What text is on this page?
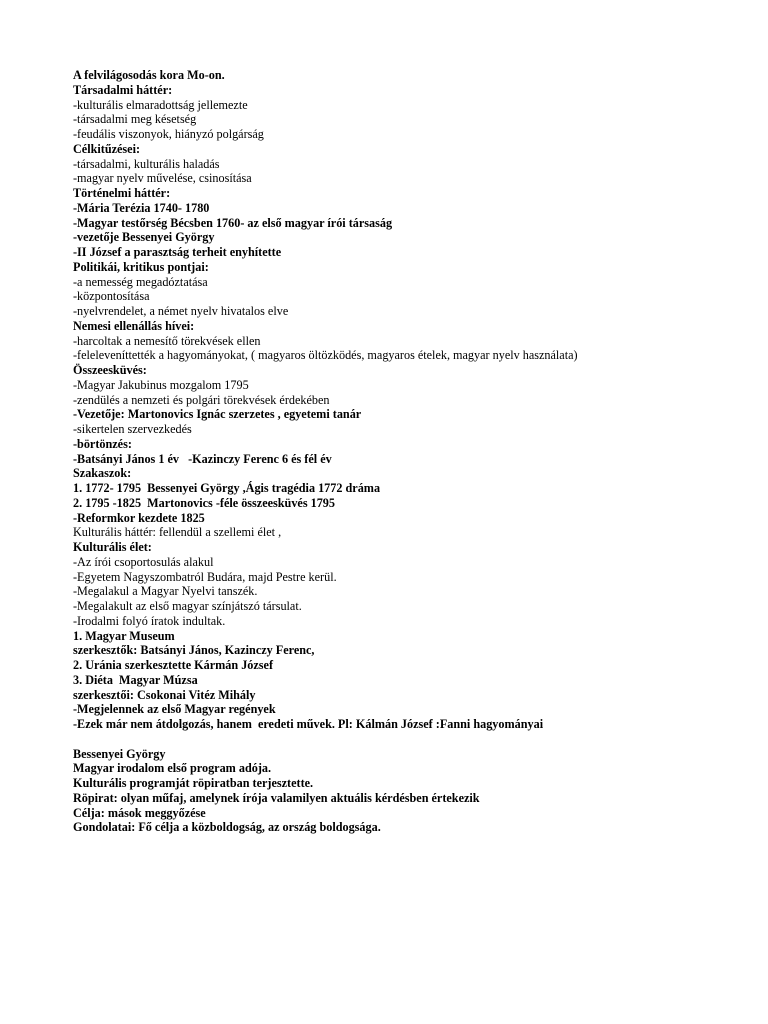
A felvilágosodás kora Mo-on.
Társadalmi háttér:
-kulturális elmaradottság jellemezte
-társadalmi meg késetség
-feudális viszonyok, hiányzó polgárság
Célkitűzései:
-társadalmi, kulturális haladás
-magyar nyelv művelése, csinosítása
Történelmi háttér:
-Mária Terézia 1740- 1780
-Magyar testőrség Bécsben 1760- az első magyar írói társaság
-vezetője Bessenyei György
-II József a parasztság terheit enyhítette
Politikái, kritikus pontjai:
-a nemesség megadóztatása
-központosítása
-nyelvrendelet, a német nyelv hivatalos elve
Nemesi ellenállás hívei:
-harcoltak a nemesítő törekvések ellen
-feleleveníttették a hagyományokat, ( magyaros öltözködés, magyaros ételek, magyar nyelv használata)
Összeesküvés:
-Magyar Jakubinus mozgalom 1795
-zendülés a nemzeti és polgári törekvések érdekében
-Vezetője: Martonovics Ignác szerzetes , egyetemi tanár
-sikertelen szervezkedés
-börtönzés:
-Batsányi János 1 év   -Kazinczy Ferenc 6 és fél év
Szakaszok:
1. 1772- 1795  Bessenyei György ,Ágis tragédia 1772 dráma
2. 1795 -1825  Martonovics -féle összeesküvés 1795
-Reformkor kezdete 1825
Kulturális háttér: fellendül a szellemi élet ,
Kulturális élet:
-Az írói csoportosulás alakul
-Egyetem Nagyszombatról Budára, majd Pestre kerül.
-Megalakul a Magyar Nyelvi tanszék.
-Megalakult az első magyar színjátszó társulat.
-Irodalmi folyó íratok indultak.
1. Magyar Museum
szerkesztők: Batsányi János, Kazinczy Ferenc,
2. Uránia szerkesztette Kármán József
3. Diéta  Magyar Múzsa
szerkesztői: Csokonai Vitéz Mihály
-Megjelennek az első Magyar regények
-Ezek már nem átdolgozás, hanem  eredeti művek. Pl: Kálmán József :Fanni hagyományai
Bessenyei György
Magyar irodalom első program adója.
Kulturális programját röpiratban terjesztette.
Röpirat: olyan műfaj, amelynek írója valamilyen aktuális kérdésben értekezik
Célja: mások meggyőzése
Gondolatai: Fő célja a közboldogság, az ország boldogsága.
